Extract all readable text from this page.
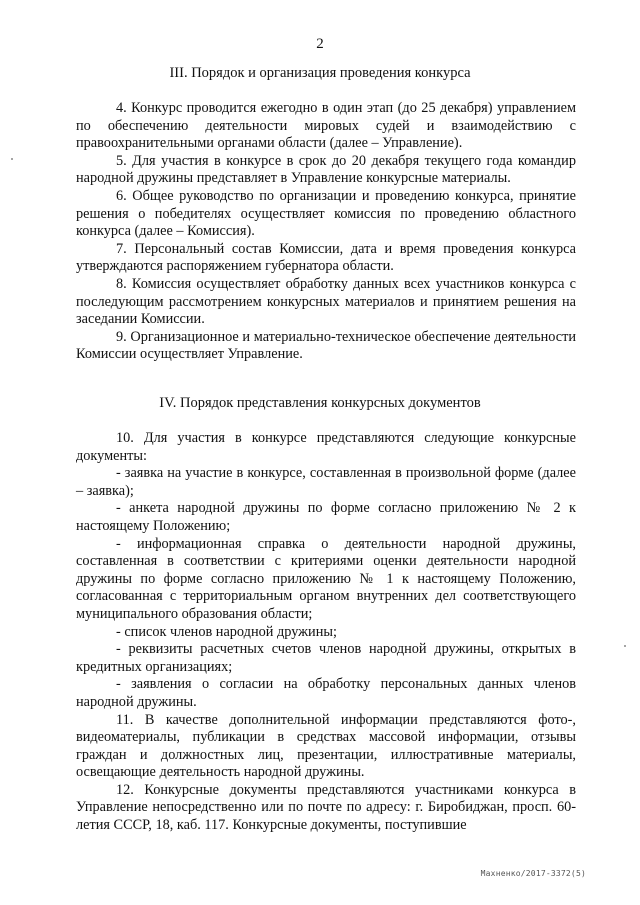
2
III. Порядок и организация проведения конкурса

4. Конкурс проводится ежегодно в один этап (до 25 декабря) управлением по обеспечению деятельности мировых судей и взаимодействию с правоохранительными органами области (далее – Управление).

5. Для участия в конкурсе в срок до 20 декабря текущего года командир народной дружины представляет в Управление конкурсные материалы.

6. Общее руководство по организации и проведению конкурса, принятие решения о победителях осуществляет комиссия по проведению областного конкурса (далее – Комиссия).

7. Персональный состав Комиссии, дата и время проведения конкурса утверждаются распоряжением губернатора области.

8. Комиссия осуществляет обработку данных всех участников конкурса с последующим рассмотрением конкурсных материалов и принятием решения на заседании Комиссии.

9. Организационное и материально-техническое обеспечение деятельности Комиссии осуществляет Управление.

IV. Порядок представления конкурсных документов

10. Для участия в конкурсе представляются следующие конкурсные документы:

- заявка на участие в конкурсе, составленная в произвольной форме (далее – заявка);

- анкета народной дружины по форме согласно приложению № 2 к настоящему Положению;

- информационная справка о деятельности народной дружины, составленная в соответствии с критериями оценки деятельности народной дружины по форме согласно приложению № 1 к настоящему Положению, согласованная с территориальным органом внутренних дел соответствующего муниципального образования области;

- список членов народной дружины;

- реквизиты расчетных счетов членов народной дружины, открытых в кредитных организациях;

- заявления о согласии на обработку персональных данных членов народной дружины.

11. В качестве дополнительной информации представляются фото-, видеоматериалы, публикации в средствах массовой информации, отзывы граждан и должностных лиц, презентации, иллюстративные материалы, освещающие деятельность народной дружины.

12. Конкурсные документы представляются участниками конкурса в Управление непосредственно или по почте по адресу: г. Биробиджан, просп. 60-летия СССР, 18, каб. 117. Конкурсные документы, поступившие

Махненко/2017-3372(5)
